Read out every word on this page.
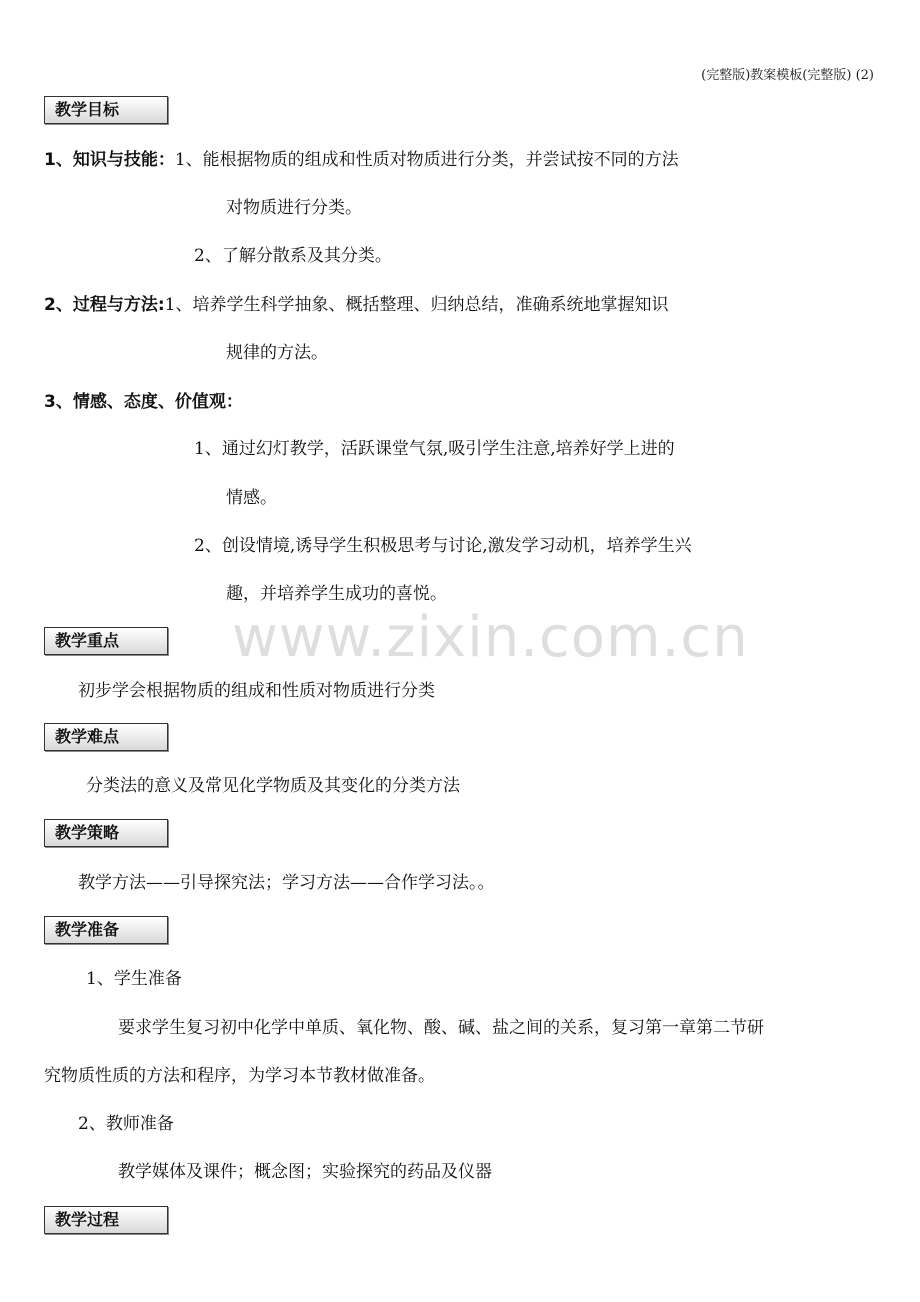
(完整版)教案模板(完整版) (2)
教学目标
1、知识与技能：1、能根据物质的组成和性质对物质进行分类，并尝试按不同的方法
对物质进行分类。
2、了解分散系及其分类。
2、过程与方法:1、培养学生科学抽象、概括整理、归纳总结，准确系统地掌握知识
规律的方法。
3、情感、态度、价值观：
1、通过幻灯教学，活跃课堂气氛,吸引学生注意,培养好学上进的
情感。
2、创设情境,诱导学生积极思考与讨论,激发学习动机，培养学生兴
趣，并培养学生成功的喜悦。
www.zixin.com.cn
教学重点
初步学会根据物质的组成和性质对物质进行分类
教学难点
分类法的意义及常见化学物质及其变化的分类方法
教学策略
教学方法——引导探究法；学习方法——合作学习法。。
教学准备
1、学生准备
要求学生复习初中化学中单质、氧化物、酸、碱、盐之间的关系，复习第一章第二节研
究物质性质的方法和程序，为学习本节教材做准备。
2、教师准备
教学媒体及课件；概念图；实验探究的药品及仪器
教学过程
